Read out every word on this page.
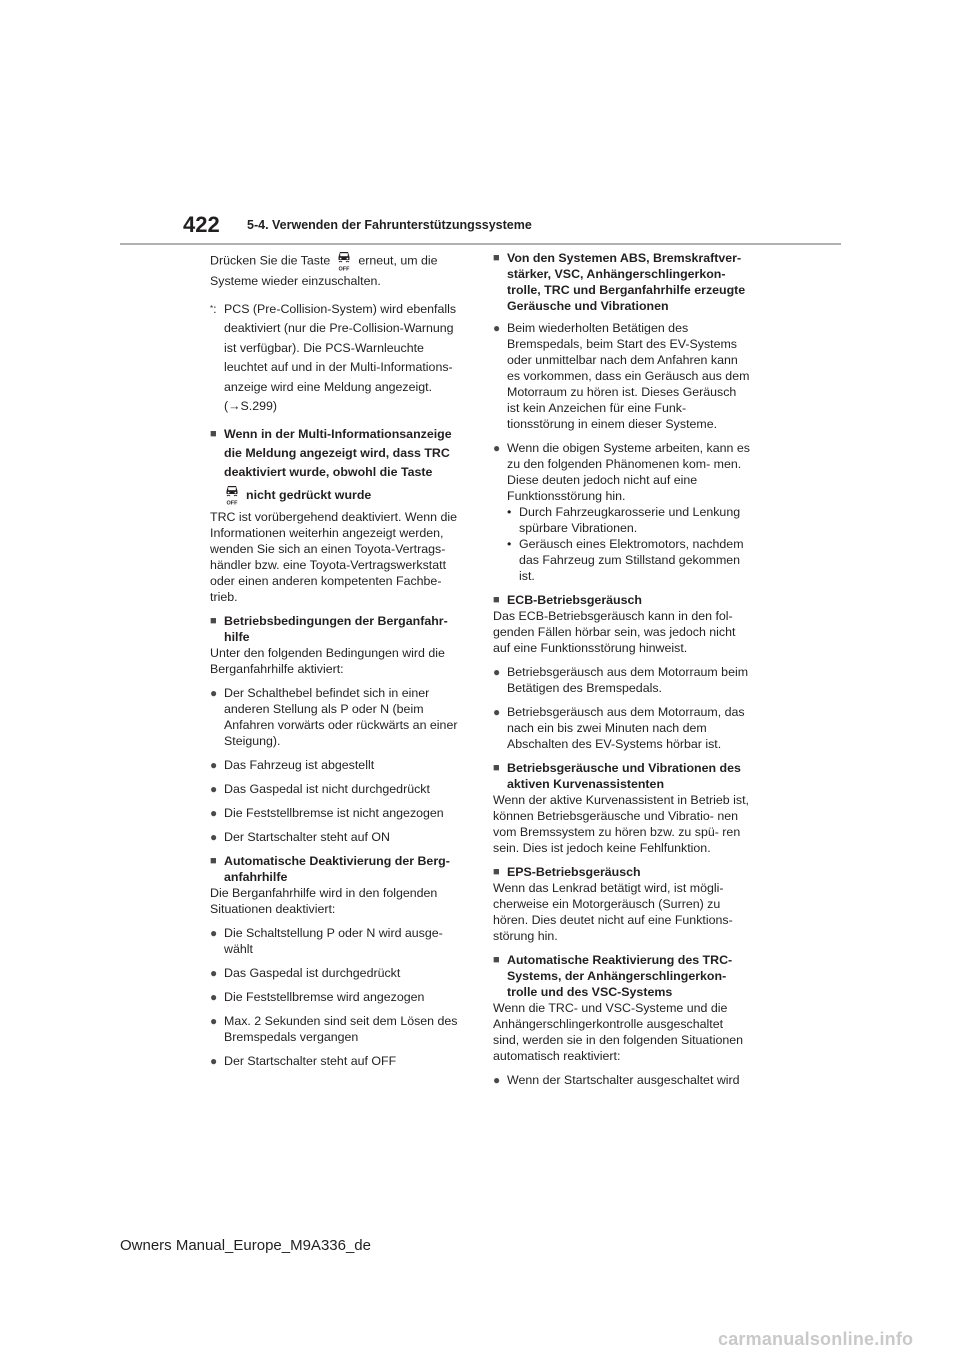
422 5-4. Verwenden der Fahrunterstützungssysteme
Drücken Sie die Taste
OFF
erneut, um die
Systeme wieder einzuschalten.
*: PCS (Pre-Collision-System) wird ebenfalls deaktiviert (nur die Pre-Collision-Warnung ist verfügbar). Die PCS-Warnleuchte leuchtet auf und in der Multi-Informations- anzeige wird eine Meldung angezeigt.
(→S.299)
■ Wenn in der Multi-Informationsanzeige die Meldung angezeigt wird, dass TRC deaktiviert wurde, obwohl die Taste
OFF
nicht gedrückt wurde
TRC ist vorübergehend deaktiviert. Wenn die Informationen weiterhin angezeigt werden, wenden Sie sich an einen Toyota-Vertrags- händler bzw. eine Toyota-Vertragswerkstatt oder einen anderen kompetenten Fachbe- trieb.
■ Betriebsbedingungen der Berganfahr- hilfe
Unter den folgenden Bedingungen wird die Berganfahrhilfe aktiviert:
● Der Schalthebel befindet sich in einer anderen Stellung als P oder N (beim Anfahren vorwärts oder rückwärts an einer Steigung).
● Das Fahrzeug ist abgestellt
● Das Gaspedal ist nicht durchgedrückt
● Die Feststellbremse ist nicht angezogen
● Der Startschalter steht auf ON
■ Automatische Deaktivierung der Berg- anfahrhilfe
Die Berganfahrhilfe wird in den folgenden Situationen deaktiviert:
● Die Schaltstellung P oder N wird ausge- wählt
● Das Gaspedal ist durchgedrückt
● Die Feststellbremse wird angezogen
● Max. 2 Sekunden sind seit dem Lösen des Bremspedals vergangen
● Der Startschalter steht auf OFF
■ Von den Systemen ABS, Bremskraftver- stärker, VSC, Anhängerschlingerkon- trolle, TRC und Berganfahrhilfe erzeugte Geräusche und Vibrationen
● Beim wiederholten Betätigen des Bremspedals, beim Start des EV-Systems oder unmittelbar nach dem Anfahren kann es vorkommen, dass ein Geräusch aus dem Motorraum zu hören ist. Dieses Geräusch ist kein Anzeichen für eine Funk- tionsstörung in einem dieser Systeme.
● Wenn die obigen Systeme arbeiten, kann es zu den folgenden Phänomenen kom- men. Diese deuten jedoch nicht auf eine Funktionsstörung hin.
• Durch Fahrzeugkarosserie und Lenkung spürbare Vibrationen.
• Geräusch eines Elektromotors, nachdem das Fahrzeug zum Stillstand gekommen ist.
■ ECB-Betriebsgeräusch
Das ECB-Betriebsgeräusch kann in den fol- genden Fällen hörbar sein, was jedoch nicht auf eine Funktionsstörung hinweist.
● Betriebsgeräusch aus dem Motorraum beim Betätigen des Bremspedals.
● Betriebsgeräusch aus dem Motorraum, das nach ein bis zwei Minuten nach dem Abschalten des EV-Systems hörbar ist.
■ Betriebsgeräusche und Vibrationen des aktiven Kurvenassistenten
Wenn der aktive Kurvenassistent in Betrieb ist, können Betriebsgeräusche und Vibratio- nen vom Bremssystem zu hören bzw. zu spü- ren sein. Dies ist jedoch keine Fehlfunktion.
■ EPS-Betriebsgeräusch
Wenn das Lenkrad betätigt wird, ist mögli- cherweise ein Motorgeräusch (Surren) zu hören. Dies deutet nicht auf eine Funktions- störung hin.
■ Automatische Reaktivierung des TRC- Systems, der Anhängerschlingerkon- trolle und des VSC-Systems
Wenn die TRC- und VSC-Systeme und die Anhängerschlingerkontrolle ausgeschaltet sind, werden sie in den folgenden Situationen automatisch reaktiviert:
● Wenn der Startschalter ausgeschaltet wird
Owners Manual_Europe_M9A336_de
carmanualsonline.info
